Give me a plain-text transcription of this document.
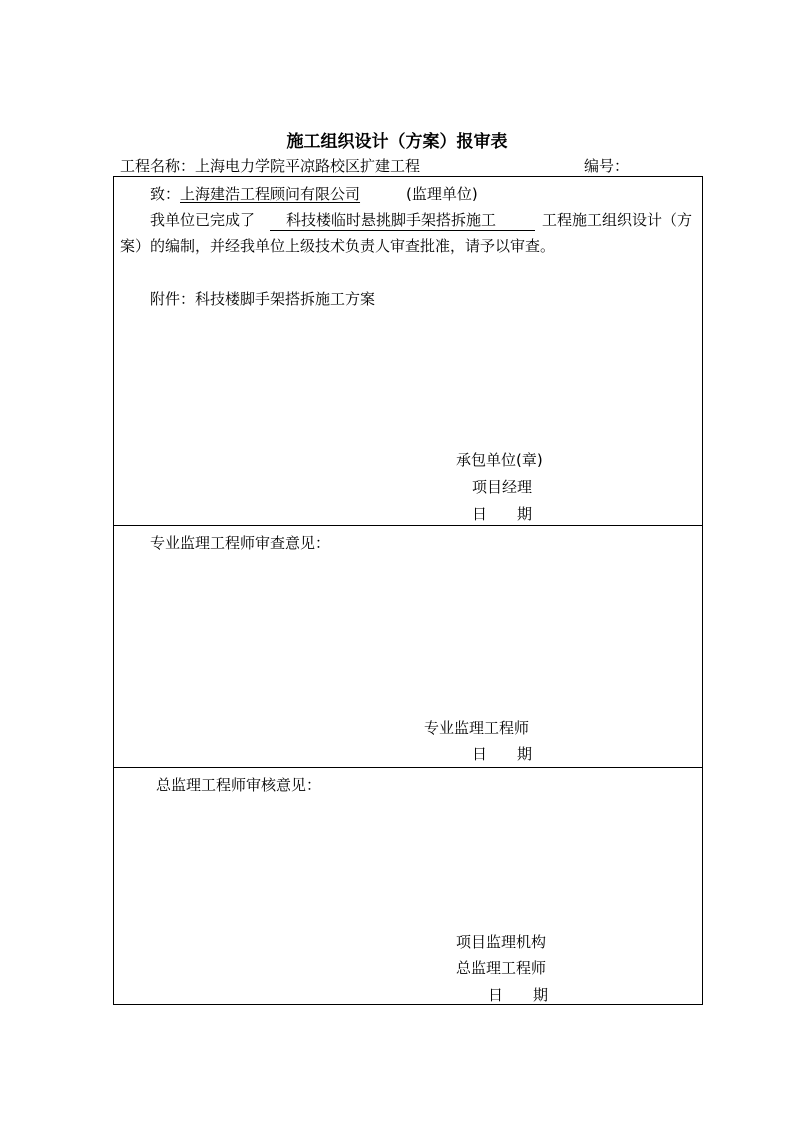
施工组织设计（方案）报审表
工程名称：上海电力学院平凉路校区扩建工程	编号：
致：上海建浩工程顾问有限公司	(监理单位)
我单位已完成了 科技楼临时悬挑脚手架搭拆施工	工程施工组织设计（方
案）的编制，并经我单位上级技术负责人审查批准，请予以审查。
附件：科技楼脚手架搭拆施工方案
承包单位(章)
项目经理
日　　期
专业监理工程师审查意见：
专业监理工程师
日　　期
总监理工程师审核意见：
项目监理机构
总监理工程师
日　　期
